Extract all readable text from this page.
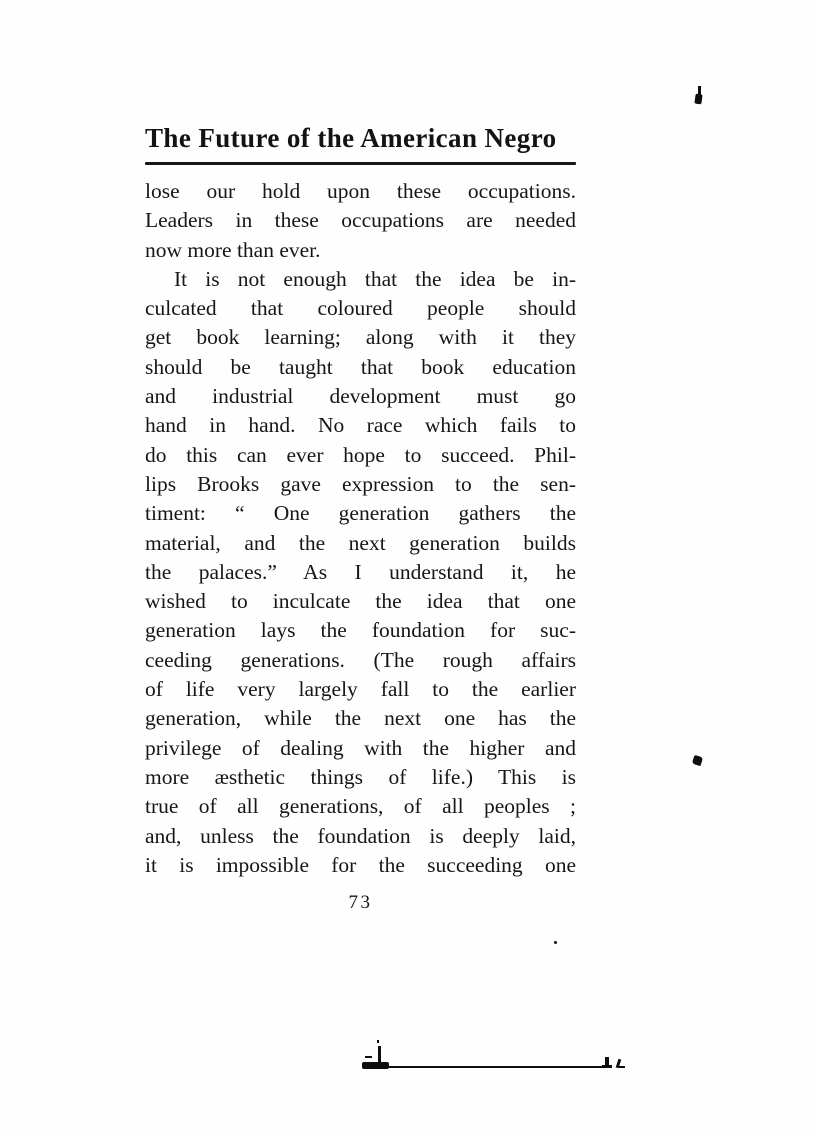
The Future of the American Negro
lose our hold upon these occupations.
Leaders in these occupations are needed
now more than ever.
It is not enough that the idea be in-
culcated that coloured people should
get book learning; along with it they
should be taught that book education
and industrial development must go
hand in hand. No race which fails to
do this can ever hope to succeed. Phil-
lips Brooks gave expression to the sen-
timent: “ One generation gathers the
material, and the next generation builds
the palaces.” As I understand it, he
wished to inculcate the idea that one
generation lays the foundation for suc-
ceeding generations. (The rough affairs
of life very largely fall to the earlier
generation, while the next one has the
privilege of dealing with the higher and
more æsthetic things of life.) This is
true of all generations, of all peoples ;
and, unless the foundation is deeply laid,
it is impossible for the succeeding one
73
